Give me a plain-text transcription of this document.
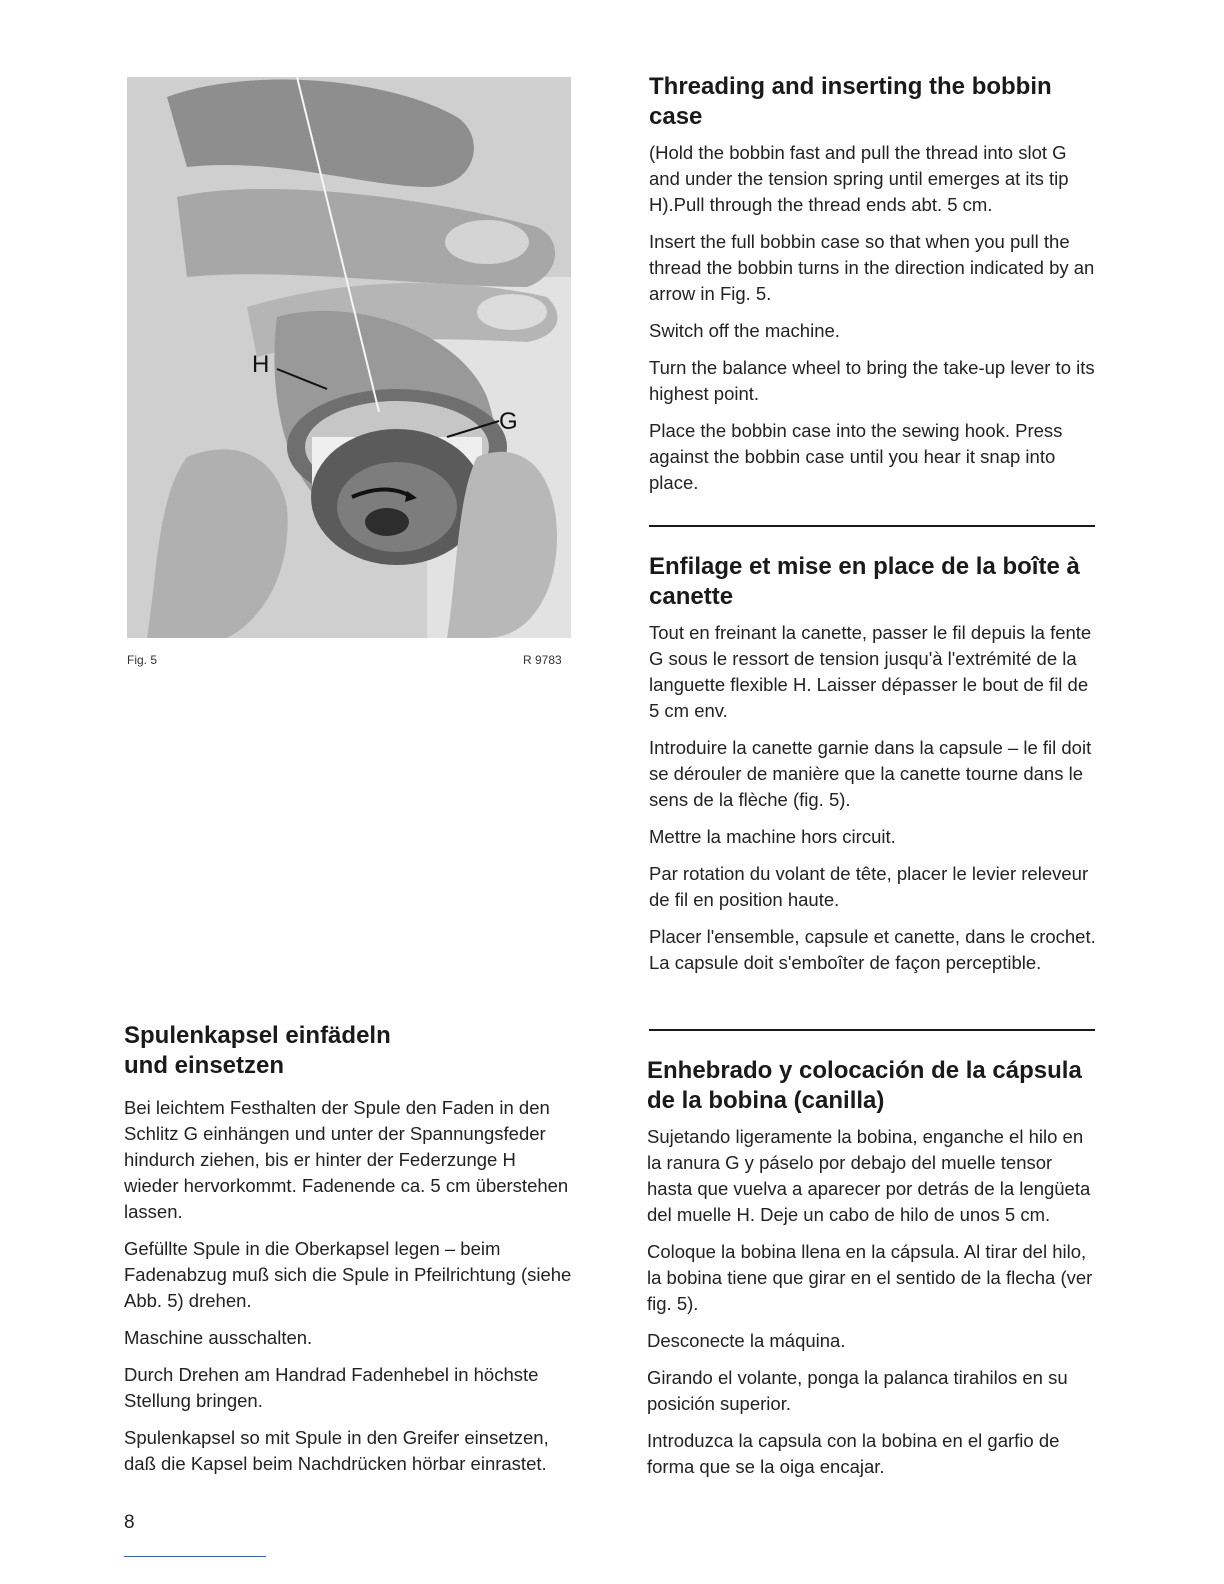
H
G
Fig. 5	R 9783
Threading and inserting the bobbin case

(Hold the bobbin fast and pull the thread into slot G and under the tension spring until emerges at its tip H).Pull through the thread ends abt. 5 cm.

Insert the full bobbin case so that when you pull the thread the bobbin turns in the direction indicated by an arrow in Fig. 5.

Switch off the machine.

Turn the balance wheel to bring the take-up lever to its highest point.

Place the bobbin case into the sewing hook. Press against the bobbin case until you hear it snap into place.

Enfilage et mise en place de la boîte à canette

Tout en freinant la canette, passer le fil depuis la fente G sous le ressort de tension jusqu'à l'extrémité de la languette flexible H. Laisser dépasser le bout de fil de 5 cm env.

Introduire la canette garnie dans la capsule – le fil doit se dérouler de manière que la canette tourne dans le sens de la flèche (fig. 5).

Mettre la machine hors circuit.

Par rotation du volant de tête, placer le levier releveur de fil en position haute.

Placer l'ensemble, capsule et canette, dans le crochet. La capsule doit s'emboîter de façon perceptible.

Spulenkapsel einfädeln
und einsetzen

Bei leichtem Festhalten der Spule den Faden in den Schlitz G einhängen und unter der Spannungsfeder hindurch ziehen, bis er hinter der Federzunge H wieder hervorkommt. Fadenende ca. 5 cm überstehen lassen.

Gefüllte Spule in die Oberkapsel legen – beim Fadenabzug muß sich die Spule in Pfeilrichtung (siehe Abb. 5) drehen.

Maschine ausschalten.

Durch Drehen am Handrad Fadenhebel in höchste Stellung bringen.

Spulenkapsel so mit Spule in den Greifer einsetzen, daß die Kapsel beim Nachdrücken hörbar einrastet.

Enhebrado y colocación de la cápsula de la bobina (canilla)

Sujetando ligeramente la bobina, enganche el hilo en la ranura G y páselo por debajo del muelle tensor hasta que vuelva a aparecer por detrás de la lengüeta del muelle H. Deje un cabo de hilo de unos 5 cm.

Coloque la bobina llena en la cápsula. Al tirar del hilo, la bobina tiene que girar en el sentido de la flecha (ver fig. 5).

Desconecte la máquina.

Girando el volante, ponga la palanca tirahilos en su posición superior.

Introduzca la capsula con la bobina en el garfio de forma que se la oiga encajar.

8
